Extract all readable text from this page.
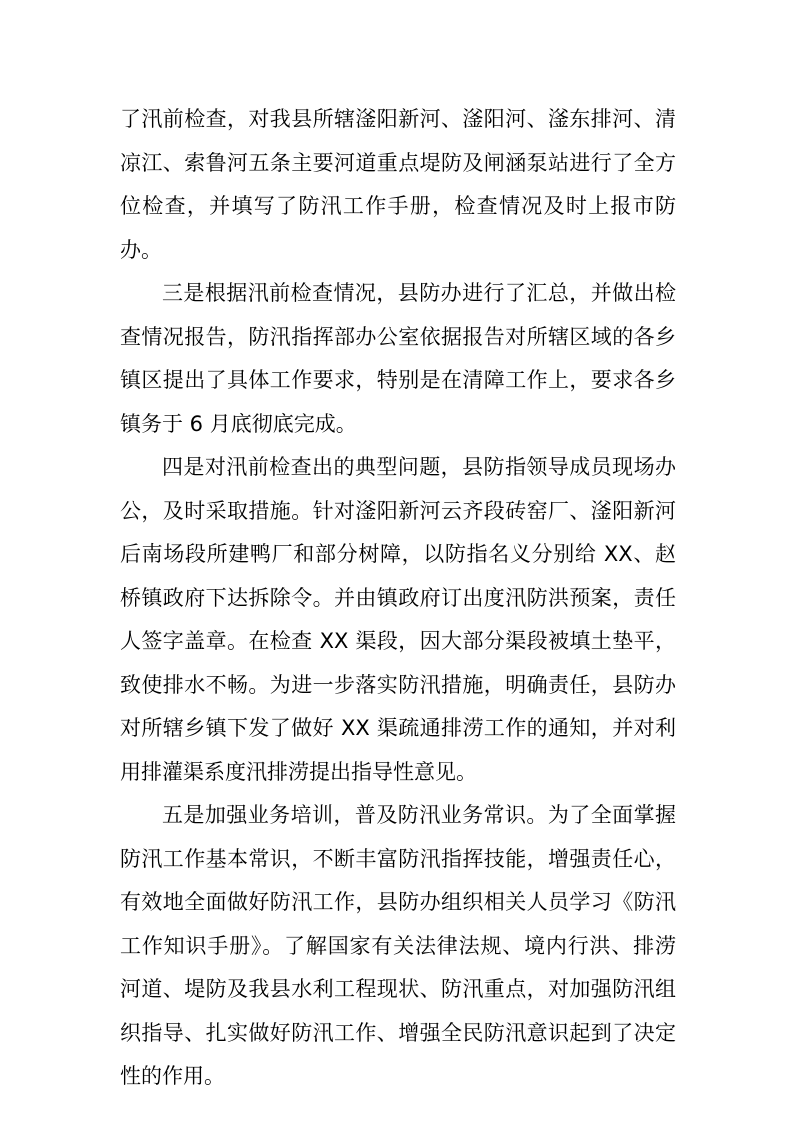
了汛前检查，对我县所辖滏阳新河、滏阳河、滏东排河、清凉江、索鲁河五条主要河道重点堤防及闸涵泵站进行了全方位检查，并填写了防汛工作手册，检查情况及时上报市防办。

三是根据汛前检查情况，县防办进行了汇总，并做出检查情况报告，防汛指挥部办公室依据报告对所辖区域的各乡镇区提出了具体工作要求，特别是在清障工作上，要求各乡镇务于 6 月底彻底完成。

四是对汛前检查出的典型问题，县防指领导成员现场办公，及时采取措施。针对滏阳新河云齐段砖窑厂、滏阳新河后南场段所建鸭厂和部分树障，以防指名义分别给 XX、赵桥镇政府下达拆除令。并由镇政府订出度汛防洪预案，责任人签字盖章。在检查 XX 渠段，因大部分渠段被填土垫平，致使排水不畅。为进一步落实防汛措施，明确责任，县防办对所辖乡镇下发了做好 XX 渠疏通排涝工作的通知，并对利用排灌渠系度汛排涝提出指导性意见。

五是加强业务培训，普及防汛业务常识。为了全面掌握防汛工作基本常识，不断丰富防汛指挥技能，增强责任心，有效地全面做好防汛工作，县防办组织相关人员学习《防汛工作知识手册》。了解国家有关法律法规、境内行洪、排涝河道、堤防及我县水利工程现状、防汛重点，对加强防汛组织指导、扎实做好防汛工作、增强全民防汛意识起到了决定性的作用。
